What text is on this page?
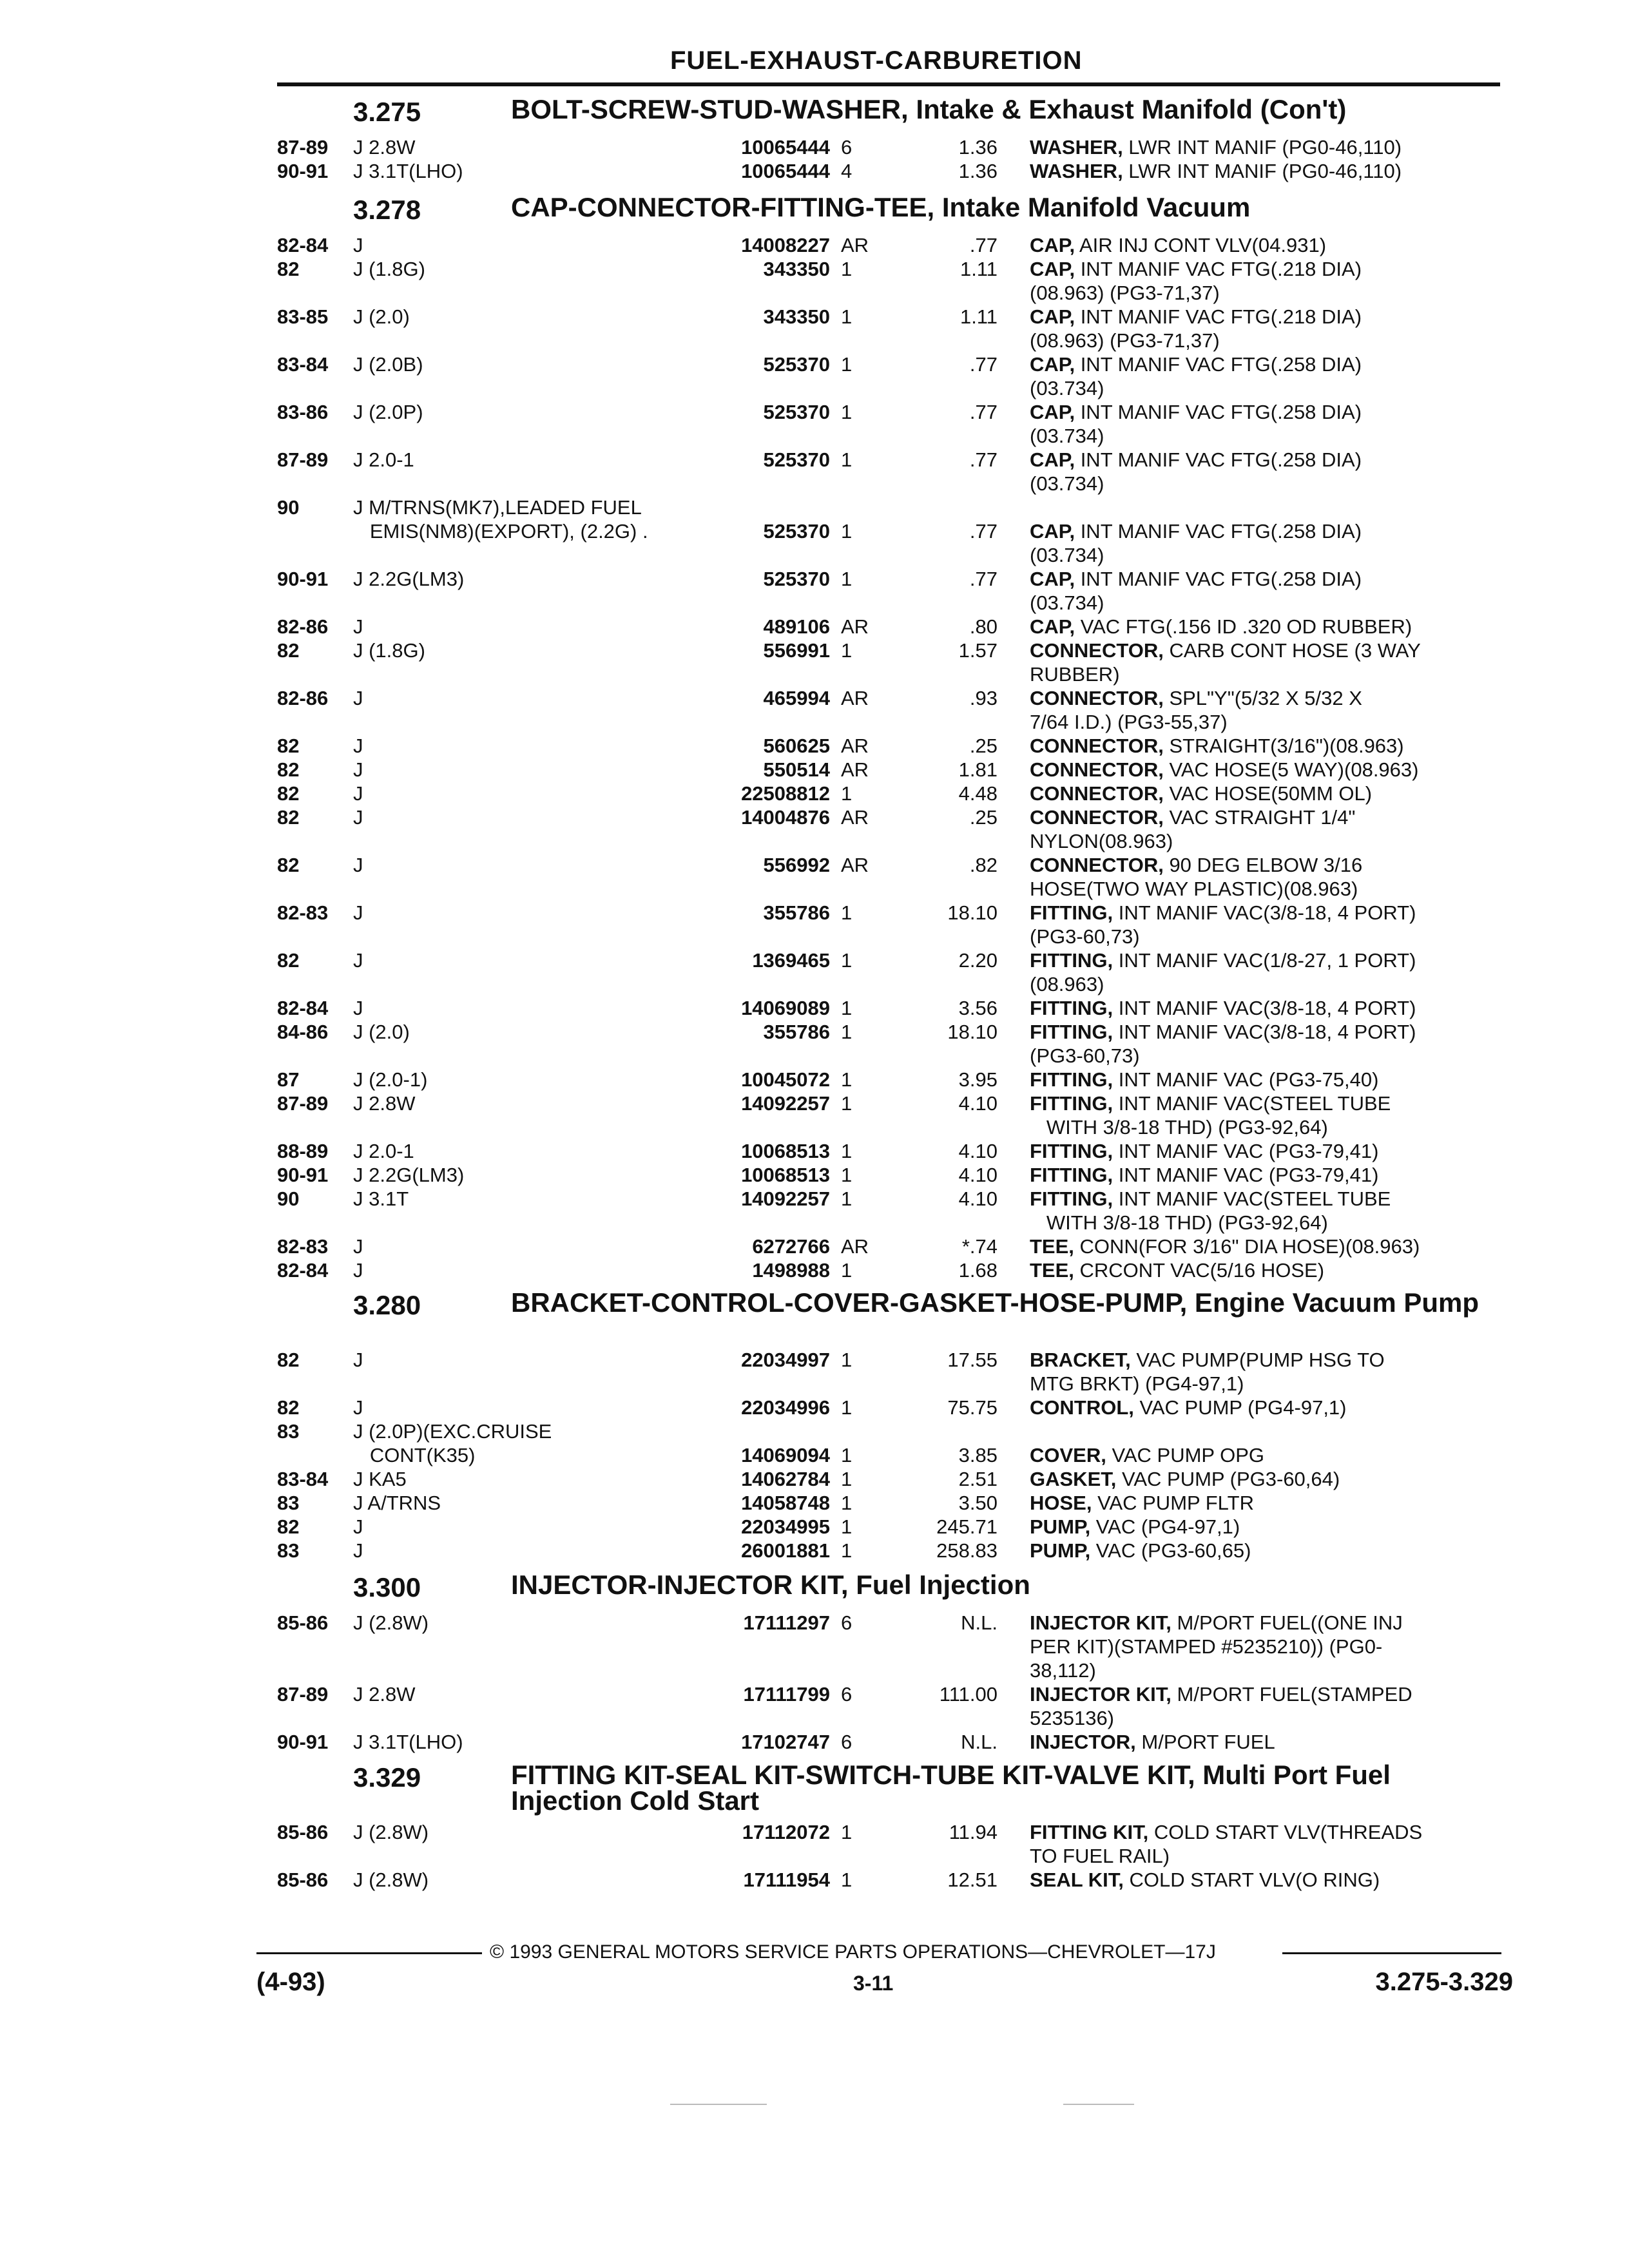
FUEL-EXHAUST-CARBURETION
3.275	BOLT-SCREW-STUD-WASHER, Intake & Exhaust Manifold (Con't)
87-89 J 2.8W	10065444 6	1.36 WASHER, LWR INT MANIF (PG0-46,110)
90-91 J 3.1T(LHO)	10065444 4	1.36 WASHER, LWR INT MANIF (PG0-46,110)
3.278	CAP-CONNECTOR-FITTING-TEE, Intake Manifold Vacuum
82-84 J	14008227 AR	.77 CAP, AIR INJ CONT VLV(04.931)
82	J (1.8G)	343350 1	1.11 CAP, INT MANIF VAC FTG(.218 DIA)
(08.963) (PG3-71,37)
83-85 J (2.0)	343350 1	1.11 CAP, INT MANIF VAC FTG(.218 DIA)
(08.963) (PG3-71,37)
83-84 J (2.0B)	525370 1	.77 CAP, INT MANIF VAC FTG(.258 DIA)
(03.734)
83-86 J (2.0P)	525370 1	.77 CAP, INT MANIF VAC FTG(.258 DIA)
(03.734)
87-89 J 2.0-1	525370 1	.77 CAP, INT MANIF VAC FTG(.258 DIA)
(03.734)
90	J M/TRNS(MK7),LEADED FUEL
EMIS(NM8)(EXPORT), (2.2G) .	525370 1	.77 CAP, INT MANIF VAC FTG(.258 DIA)
(03.734)
90-91 J 2.2G(LM3)	525370 1	.77 CAP, INT MANIF VAC FTG(.258 DIA)
(03.734)
82-86 J	489106 AR	.80 CAP, VAC FTG(.156 ID .320 OD RUBBER)
82	J (1.8G)	556991 1	1.57 CONNECTOR, CARB CONT HOSE (3 WAY
RUBBER)
82-86 J	465994 AR	.93 CONNECTOR, SPL"Y"(5/32 X 5/32 X
7/64 I.D.) (PG3-55,37)
82	J	560625 AR	.25 CONNECTOR, STRAIGHT(3/16")(08.963)
82	J	550514 AR	1.81 CONNECTOR, VAC HOSE(5 WAY)(08.963)
82	J	22508812 1	4.48 CONNECTOR, VAC HOSE(50MM OL)
82	J	14004876 AR	.25 CONNECTOR, VAC STRAIGHT 1/4"
NYLON(08.963)
82	J	556992 AR	.82 CONNECTOR, 90 DEG ELBOW 3/16
HOSE(TWO WAY PLASTIC)(08.963)
82-83 J	355786 1	18.10 FITTING, INT MANIF VAC(3/8-18, 4 PORT)
(PG3-60,73)
82	J	1369465 1	2.20 FITTING, INT MANIF VAC(1/8-27, 1 PORT)
(08.963)
82-84 J	14069089 1	3.56 FITTING, INT MANIF VAC(3/8-18, 4 PORT)
84-86 J (2.0)	355786 1	18.10 FITTING, INT MANIF VAC(3/8-18, 4 PORT)
(PG3-60,73)
87	J (2.0-1)	10045072 1	3.95 FITTING, INT MANIF VAC (PG3-75,40)
87-89 J 2.8W	14092257 1	4.10 FITTING, INT MANIF VAC(STEEL TUBE
WITH 3/8-18 THD) (PG3-92,64)
88-89 J 2.0-1	10068513 1	4.10 FITTING, INT MANIF VAC (PG3-79,41)
90-91 J 2.2G(LM3)	10068513 1	4.10 FITTING, INT MANIF VAC (PG3-79,41)
90	J 3.1T	14092257 1	4.10 FITTING, INT MANIF VAC(STEEL TUBE
WITH 3/8-18 THD) (PG3-92,64)
82-83 J	6272766 AR	*.74 TEE, CONN(FOR 3/16" DIA HOSE)(08.963)
82-84 J	1498988 1	1.68 TEE, CRCONT VAC(5/16 HOSE)
3.280	BRACKET-CONTROL-COVER-GASKET-HOSE-PUMP, Engine Vacuum Pump
82	J	22034997 1	17.55 BRACKET, VAC PUMP(PUMP HSG TO
MTG BRKT) (PG4-97,1)
82	J	22034996 1	75.75 CONTROL, VAC PUMP (PG4-97,1)
83	J (2.0P)(EXC.CRUISE
CONT(K35)	14069094 1	3.85 COVER, VAC PUMP OPG
83-84 J KA5	14062784 1	2.51 GASKET, VAC PUMP (PG3-60,64)
83	J A/TRNS	14058748 1	3.50 HOSE, VAC PUMP FLTR
82	J	22034995 1	245.71 PUMP, VAC (PG4-97,1)
83	J	26001881 1	258.83 PUMP, VAC (PG3-60,65)
3.300	INJECTOR-INJECTOR KIT, Fuel Injection
85-86 J (2.8W)	17111297 6	N.L. INJECTOR KIT, M/PORT FUEL((ONE INJ
PER KIT)(STAMPED #5235210)) (PG0-
38,112)
87-89 J 2.8W	17111799 6	111.00 INJECTOR KIT, M/PORT FUEL(STAMPED
5235136)
90-91 J 3.1T(LHO)	17102747 6	N.L. INJECTOR, M/PORT FUEL
3.329	FITTING KIT-SEAL KIT-SWITCH-TUBE KIT-VALVE KIT, Multi Port Fuel Injection Cold Start
85-86 J (2.8W)	17112072 1	11.94 FITTING KIT, COLD START VLV(THREADS
TO FUEL RAIL)
85-86 J (2.8W)	17111954 1	12.51 SEAL KIT, COLD START VLV(O RING)
© 1993 GENERAL MOTORS SERVICE PARTS OPERATIONS—CHEVROLET—17J
(4-93)	3-11	3.275-3.329
